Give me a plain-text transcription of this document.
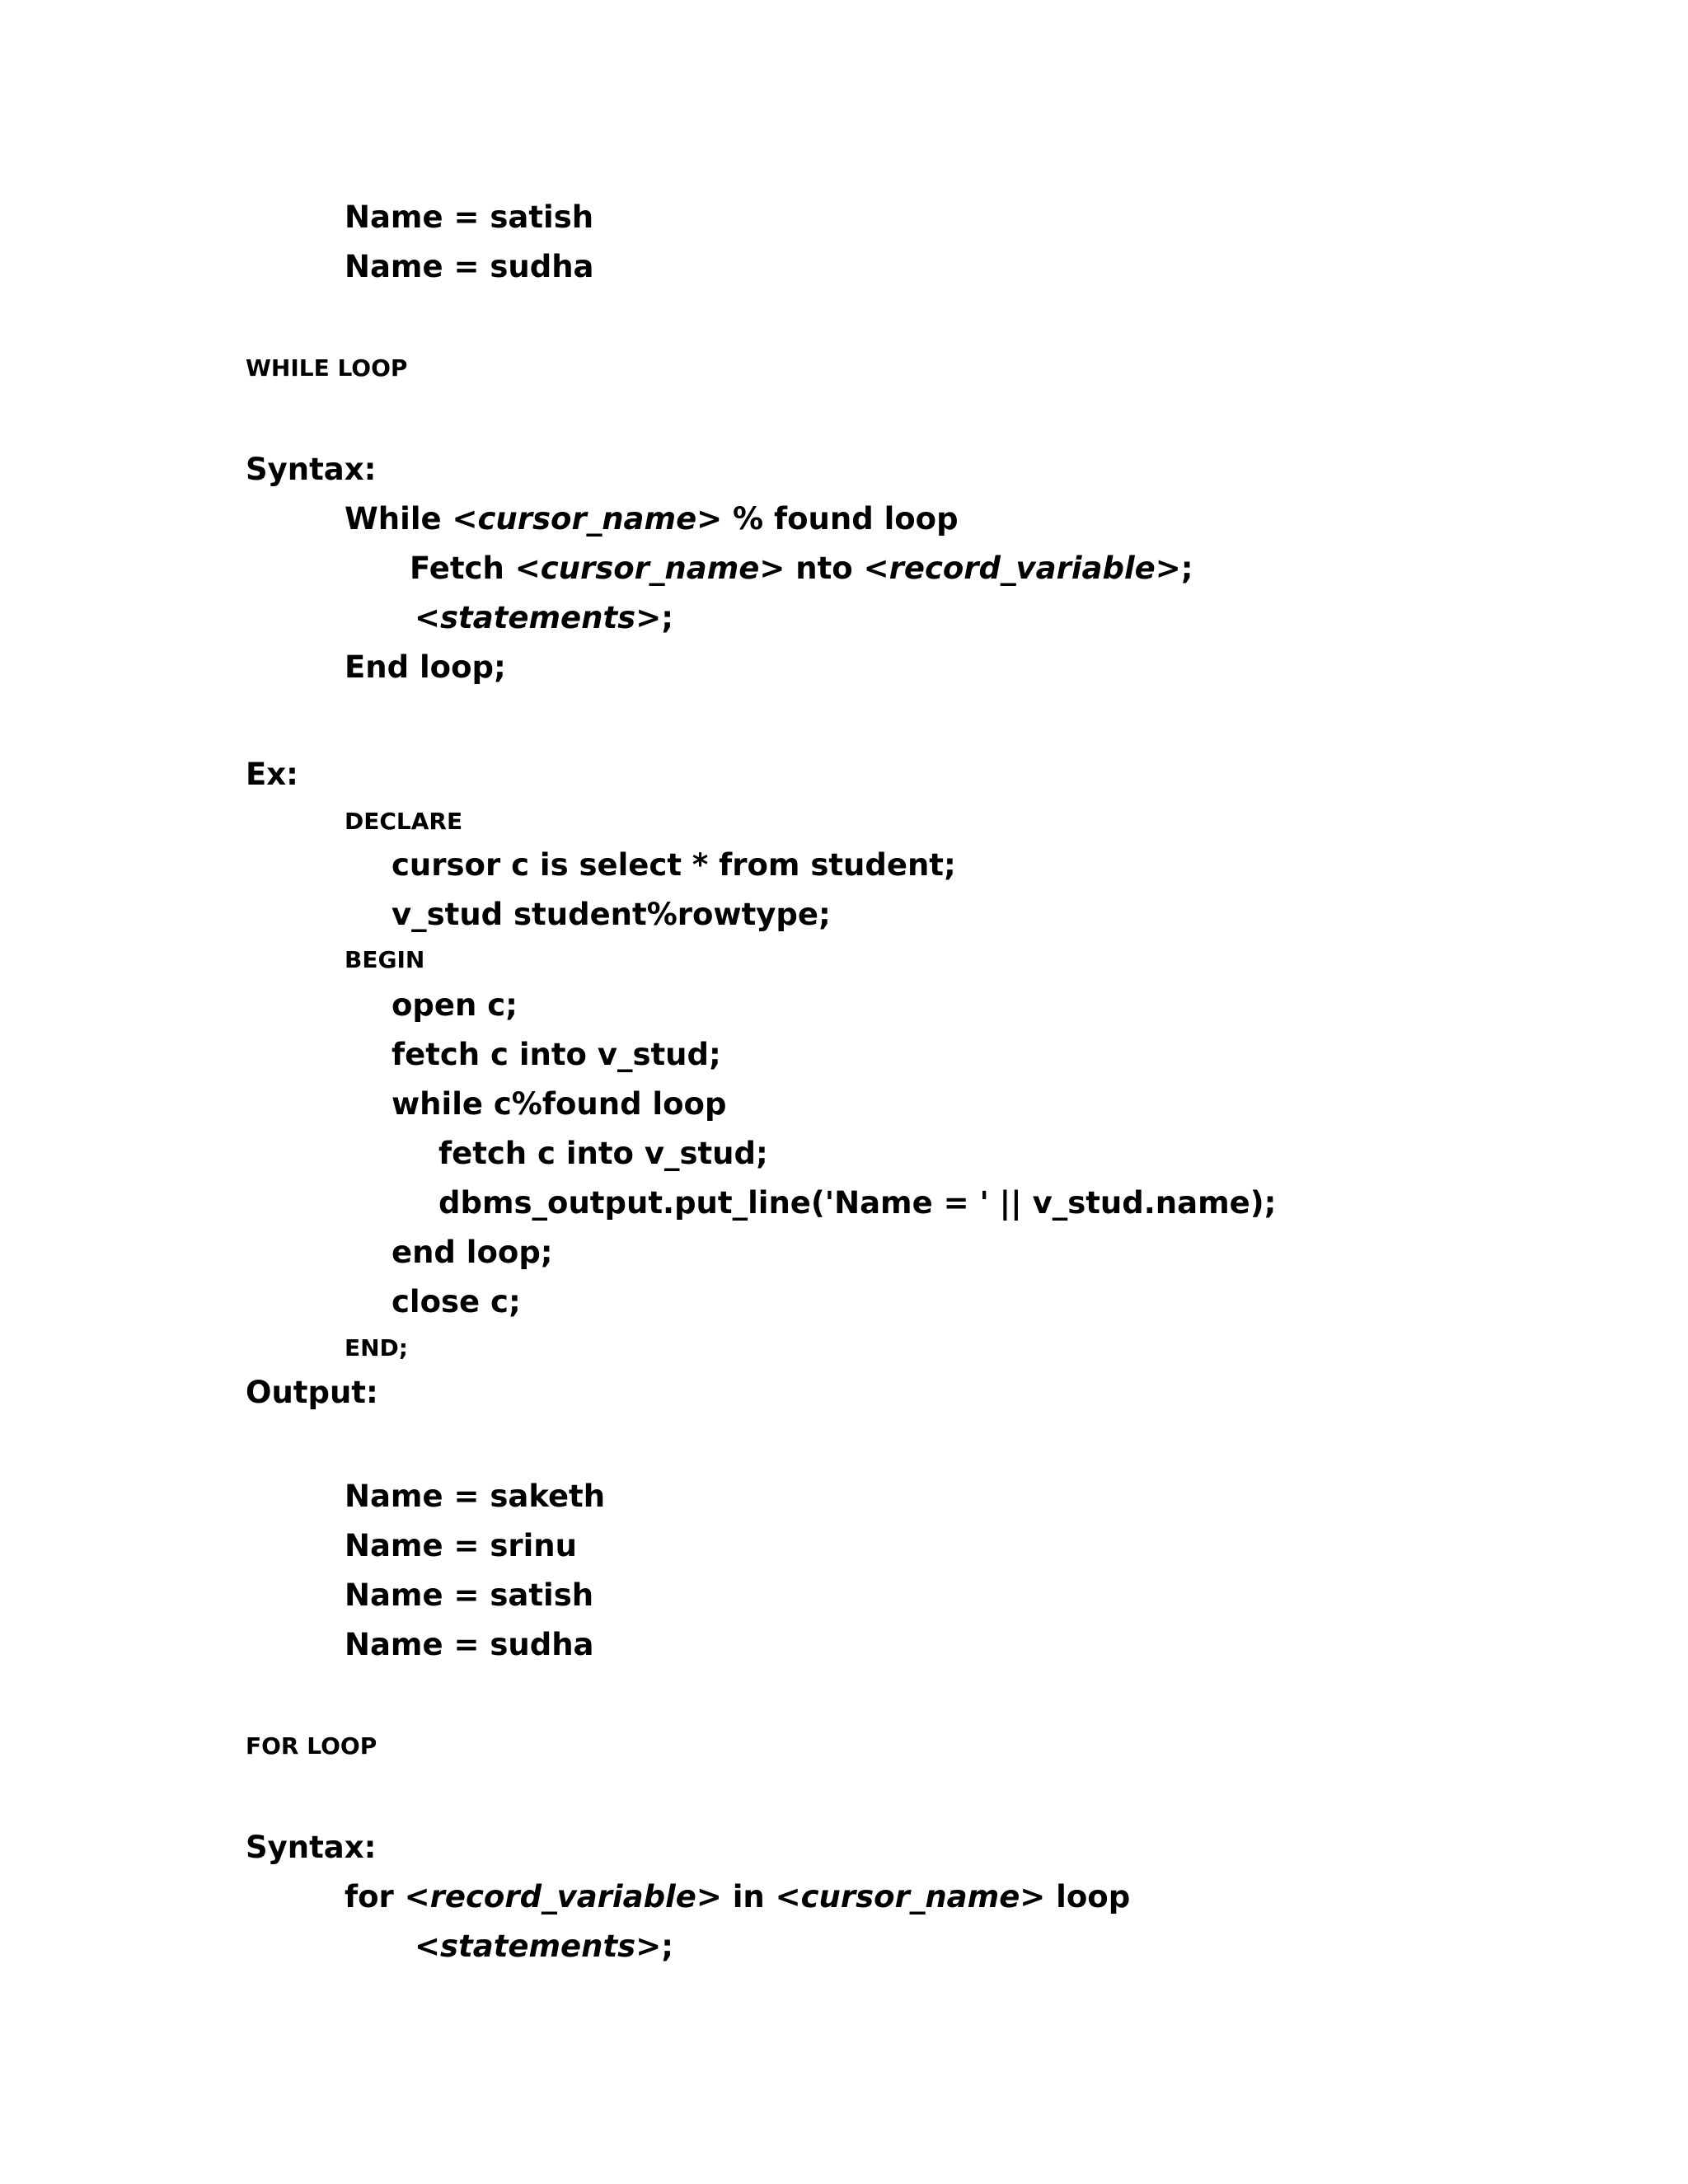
Name = satish
Name = sudha
WHILE LOOP
Syntax:
While <cursor_name> % found loop
Fetch <cursor_name> nto <record_variable>;
<statements>;
End loop;
Ex:
DECLARE
cursor c is select * from student;
v_stud student%rowtype;
BEGIN
open c;
fetch c into v_stud;
while c%found loop
fetch c into v_stud;
dbms_output.put_line('Name = ' || v_stud.name);
end loop;
close c;
END;
Output:
Name = saketh
Name = srinu
Name = satish
Name = sudha
FOR LOOP
Syntax:
for <record_variable> in <cursor_name> loop
<statements>;
